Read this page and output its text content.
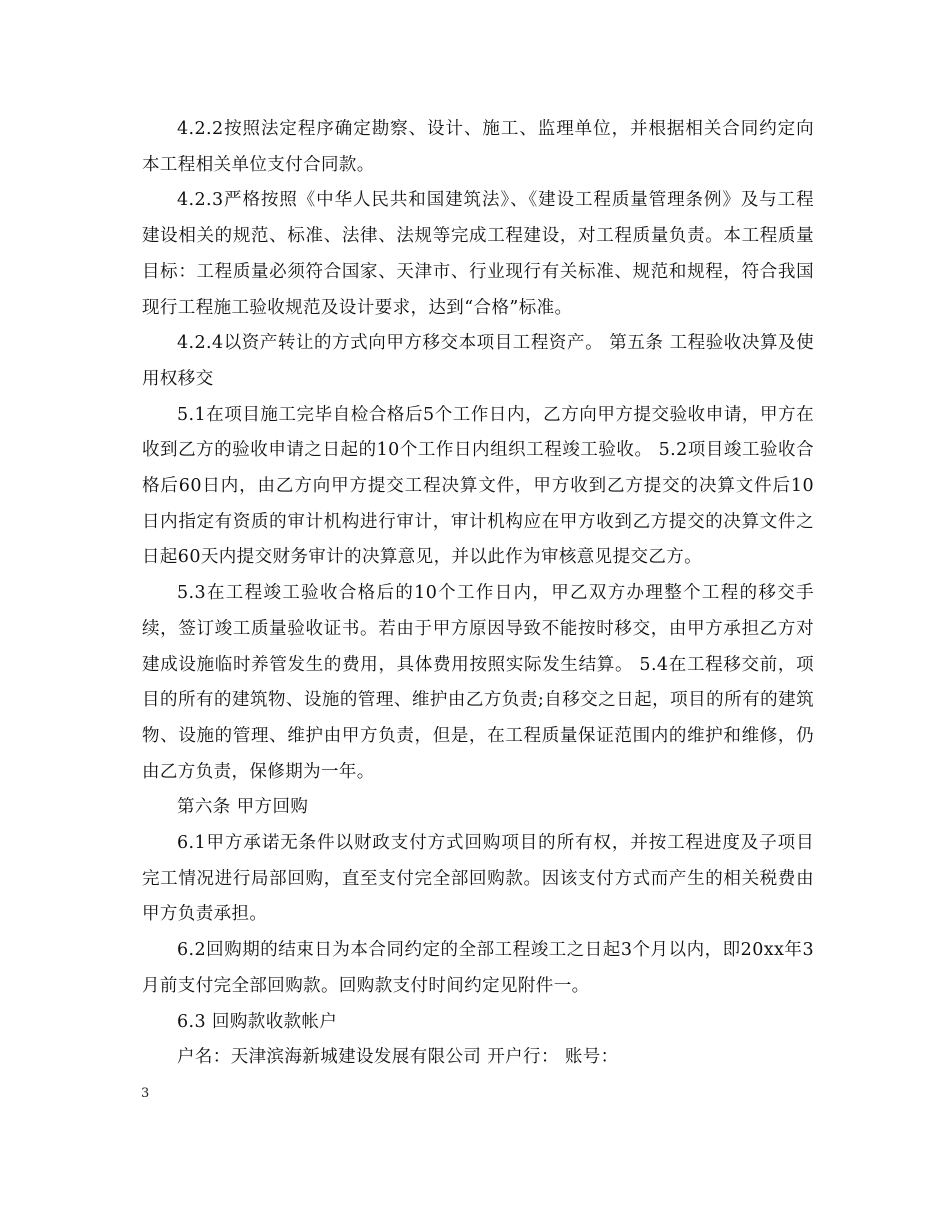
4.2.2按照法定程序确定勘察、设计、施工、监理单位，并根据相关合同约定向本工程相关单位支付合同款。

4.2.3严格按照《中华人民共和国建筑法》、《建设工程质量管理条例》及与工程建设相关的规范、标准、法律、法规等完成工程建设，对工程质量负责。本工程质量目标：工程质量必须符合国家、天津市、行业现行有关标准、规范和规程，符合我国现行工程施工验收规范及设计要求，达到“合格”标准。

4.2.4以资产转让的方式向甲方移交本项目工程资产。 第五条 工程验收决算及使用权移交

5.1在项目施工完毕自检合格后5个工作日内，乙方向甲方提交验收申请，甲方在收到乙方的验收申请之日起的10个工作日内组织工程竣工验收。 5.2项目竣工验收合格后60日内，由乙方向甲方提交工程决算文件，甲方收到乙方提交的决算文件后10日内指定有资质的审计机构进行审计，审计机构应在甲方收到乙方提交的决算文件之日起60天内提交财务审计的决算意见，并以此作为审核意见提交乙方。

5.3在工程竣工验收合格后的10个工作日内，甲乙双方办理整个工程的移交手续，签订竣工质量验收证书。若由于甲方原因导致不能按时移交，由甲方承担乙方对建成设施临时养管发生的费用，具体费用按照实际发生结算。 5.4在工程移交前，项目的所有的建筑物、设施的管理、维护由乙方负责;自移交之日起，项目的所有的建筑物、设施的管理、维护由甲方负责，但是，在工程质量保证范围内的维护和维修，仍由乙方负责，保修期为一年。

第六条 甲方回购

6.1甲方承诺无条件以财政支付方式回购项目的所有权，并按工程进度及子项目完工情况进行局部回购，直至支付完全部回购款。因该支付方式而产生的相关税费由甲方负责承担。

6.2回购期的结束日为本合同约定的全部工程竣工之日起3个月以内，即20xx年3月前支付完全部回购款。回购款支付时间约定见附件一。

6.3 回购款收款帐户

户名：天津滨海新城建设发展有限公司 开户行： 账号：

3
